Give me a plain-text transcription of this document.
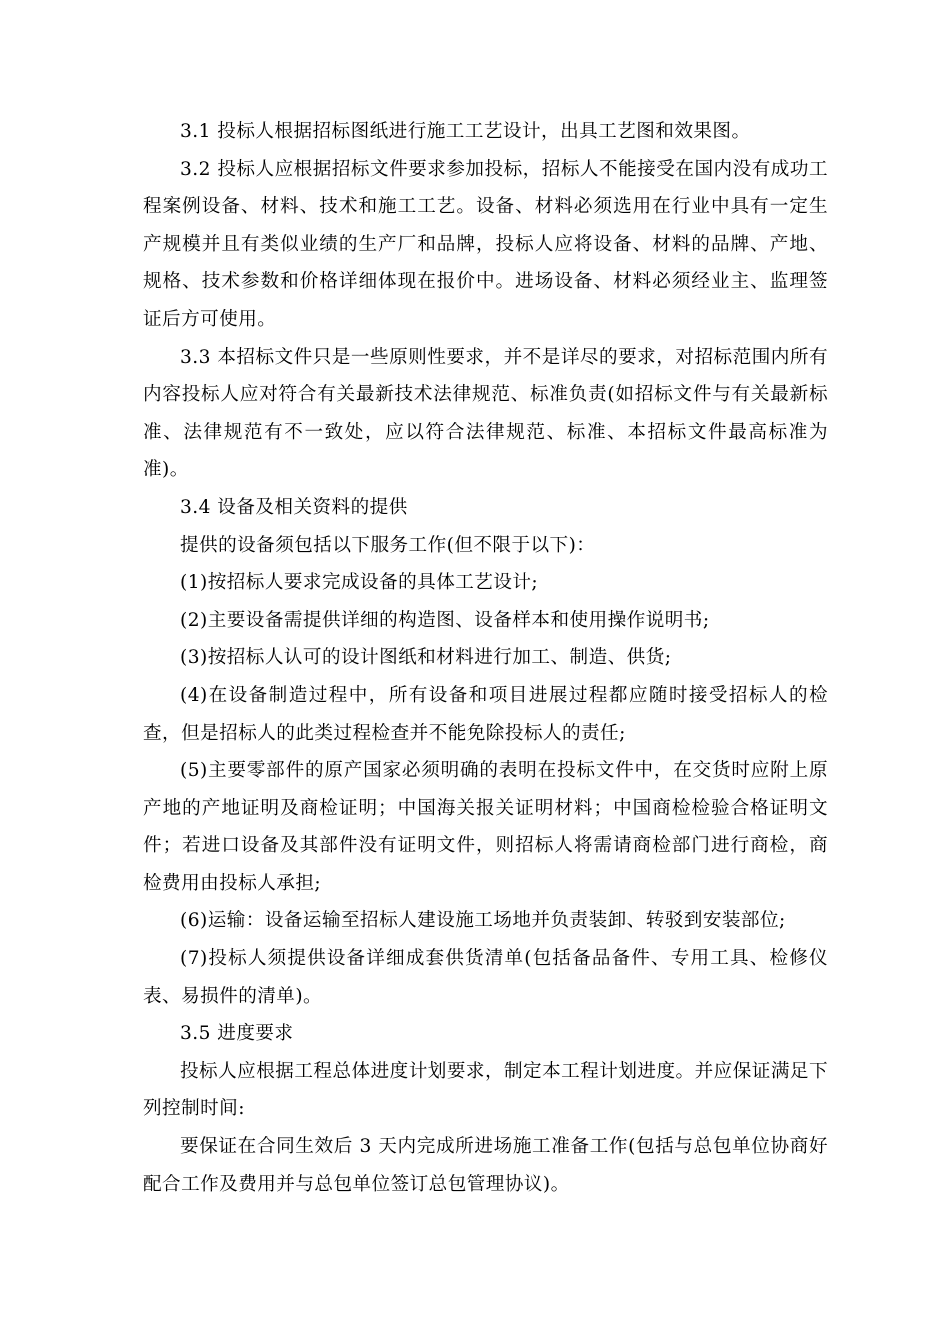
3.1 投标人根据招标图纸进行施工工艺设计，出具工艺图和效果图。

3.2 投标人应根据招标文件要求参加投标，招标人不能接受在国内没有成功工程案例设备、材料、技术和施工工艺。设备、材料必须选用在行业中具有一定生产规模并且有类似业绩的生产厂和品牌，投标人应将设备、材料的品牌、产地、规格、技术参数和价格详细体现在报价中。进场设备、材料必须经业主、监理签证后方可使用。

3.3 本招标文件只是一些原则性要求，并不是详尽的要求，对招标范围内所有内容投标人应对符合有关最新技术法律规范、标准负责(如招标文件与有关最新标准、法律规范有不一致处，应以符合法律规范、标准、本招标文件最高标准为准)。

3.4 设备及相关资料的提供

提供的设备须包括以下服务工作(但不限于以下)：

(1)按招标人要求完成设备的具体工艺设计;

(2)主要设备需提供详细的构造图、设备样本和使用操作说明书;

(3)按招标人认可的设计图纸和材料进行加工、制造、供货;

(4)在设备制造过程中，所有设备和项目进展过程都应随时接受招标人的检查，但是招标人的此类过程检查并不能免除投标人的责任;

(5)主要零部件的原产国家必须明确的表明在投标文件中，在交货时应附上原产地的产地证明及商检证明；中国海关报关证明材料；中国商检检验合格证明文件；若进口设备及其部件没有证明文件，则招标人将需请商检部门进行商检，商检费用由投标人承担;

(6)运输：设备运输至招标人建设施工场地并负责装卸、转驳到安装部位;

(7)投标人须提供设备详细成套供货清单(包括备品备件、专用工具、检修仪表、易损件的清单)。

3.5 进度要求

投标人应根据工程总体进度计划要求，制定本工程计划进度。并应保证满足下列控制时间:

要保证在合同生效后 3 天内完成所进场施工准备工作(包括与总包单位协商好配合工作及费用并与总包单位签订总包管理协议)。
